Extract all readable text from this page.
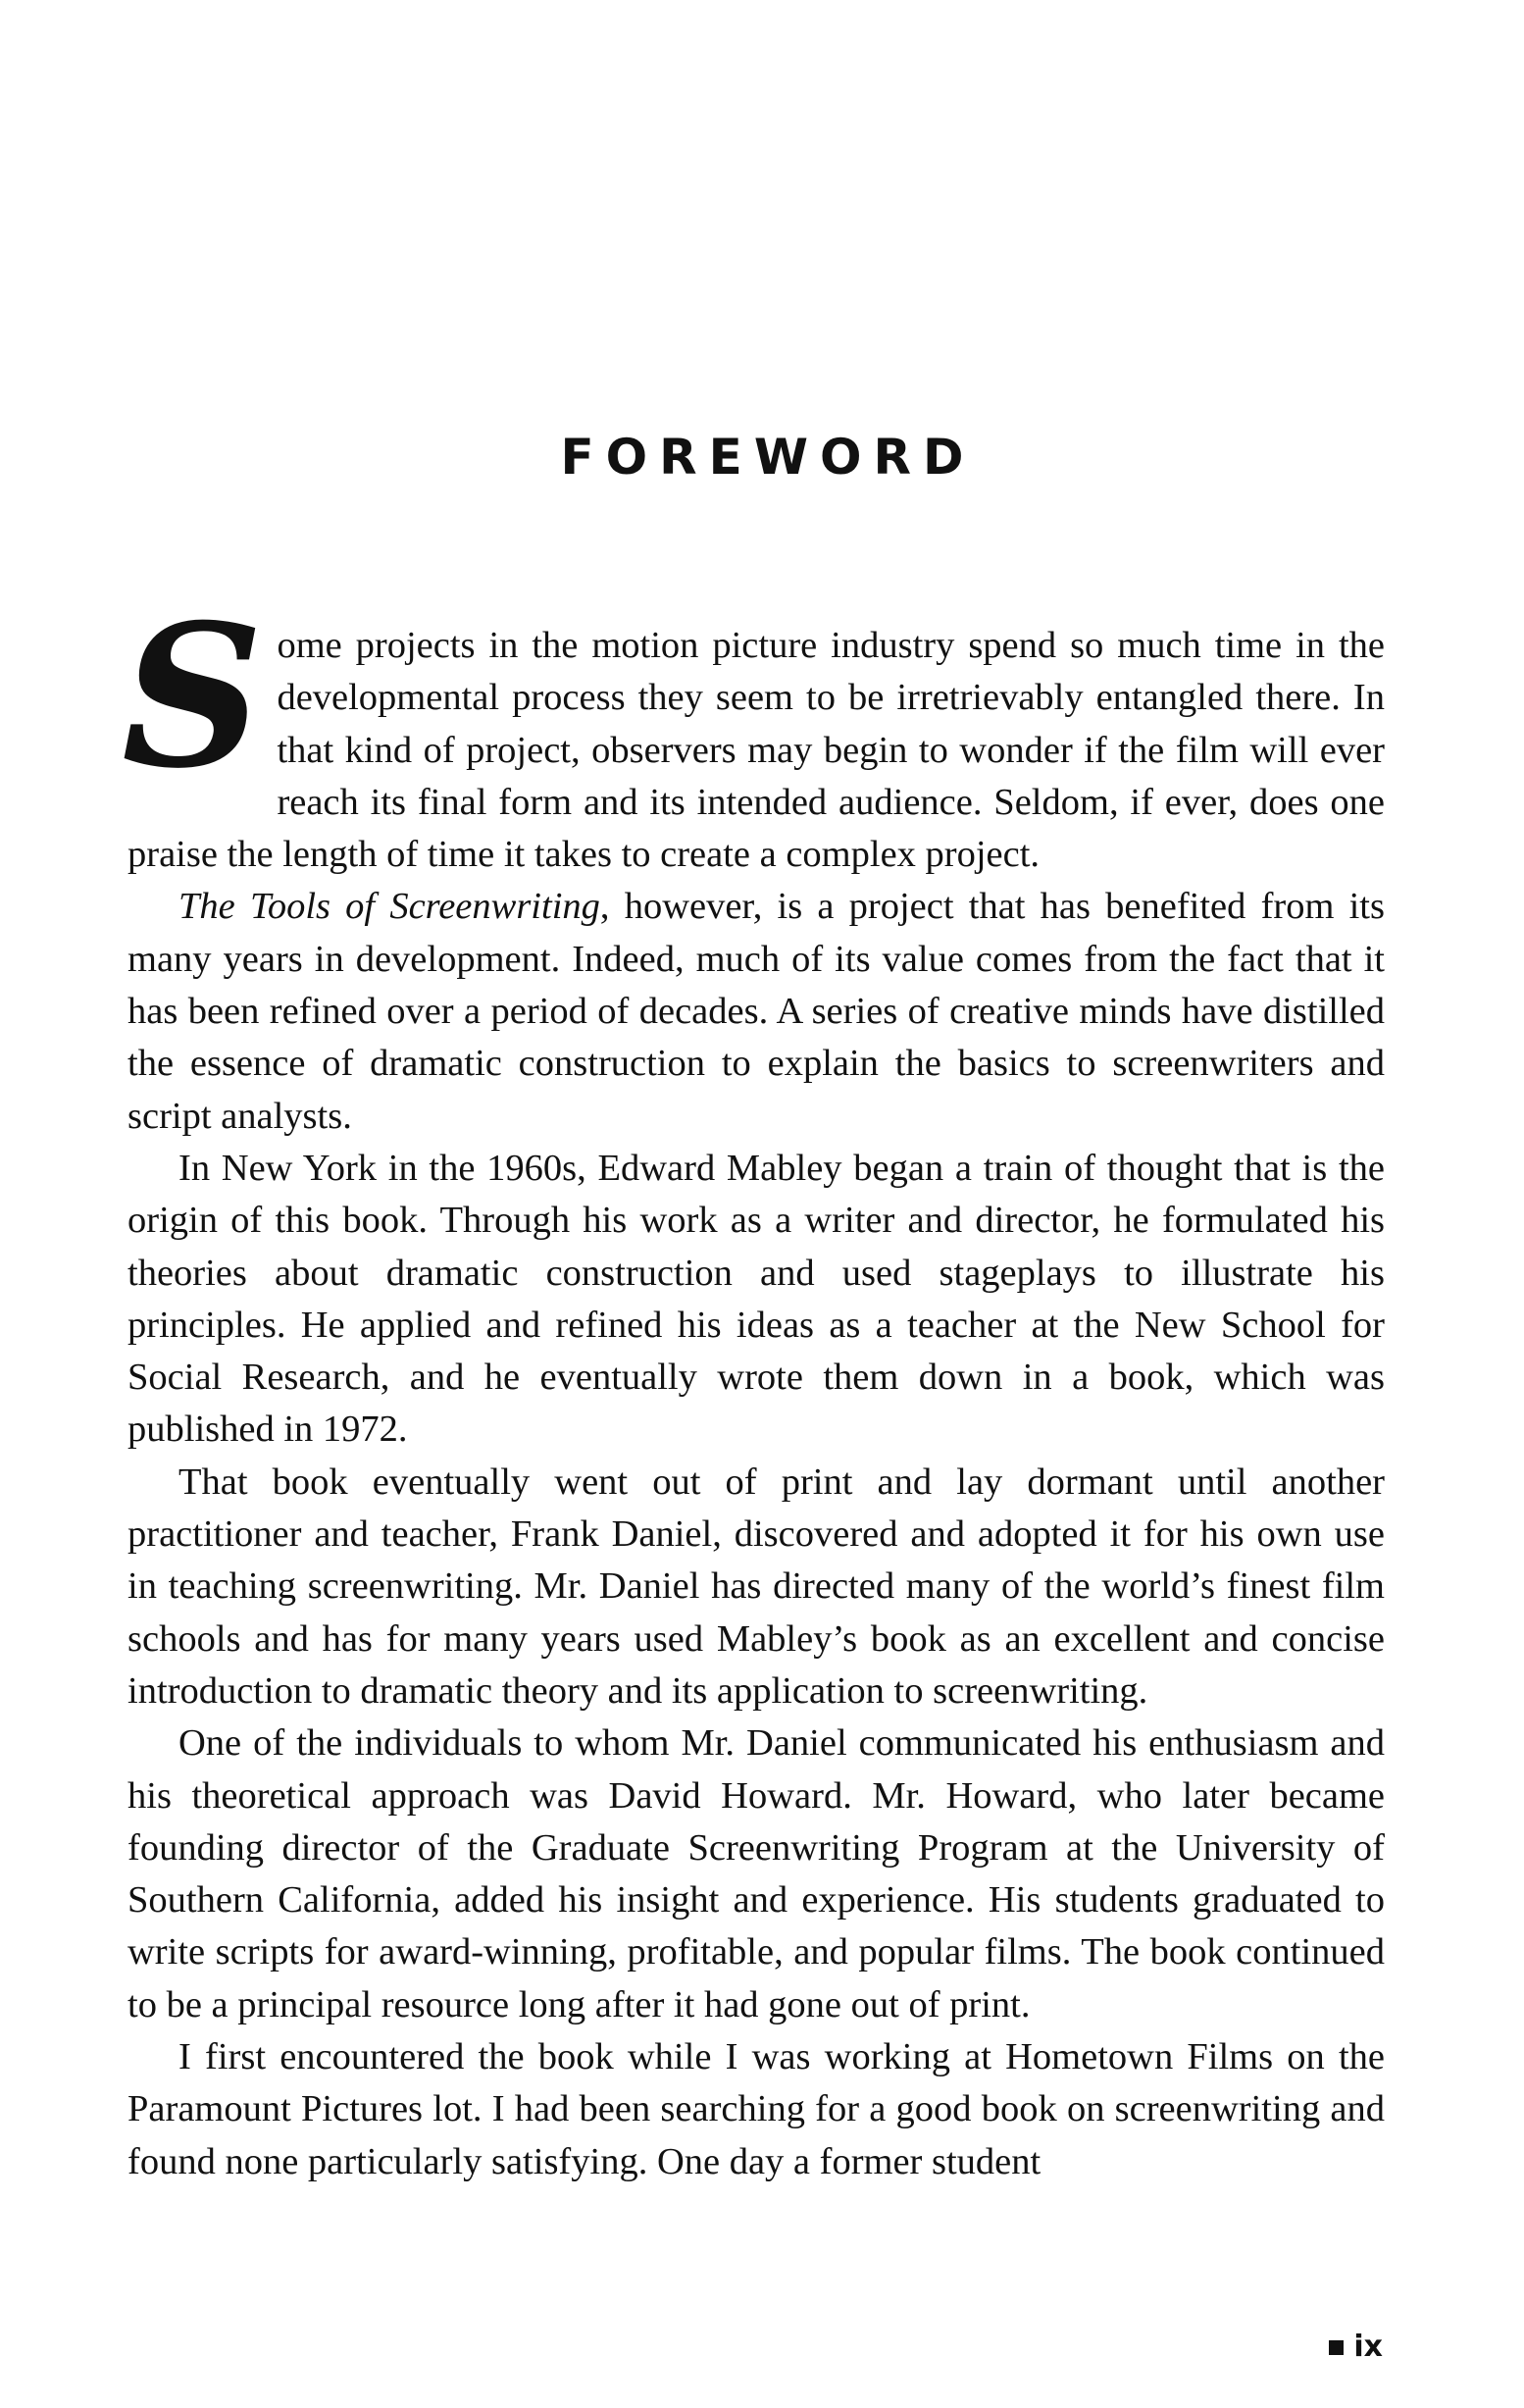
FOREWORD

Some projects in the motion picture industry spend so much time in the developmental process they seem to be irretrievably entangled there. In that kind of project, observers may begin to wonder if the film will ever reach its final form and its intended audience. Seldom, if ever, does one praise the length of time it takes to create a complex project.

The Tools of Screenwriting, however, is a project that has benefited from its many years in development. Indeed, much of its value comes from the fact that it has been refined over a period of decades. A series of creative minds have distilled the essence of dramatic construction to explain the basics to screenwriters and script analysts.

In New York in the 1960s, Edward Mabley began a train of thought that is the origin of this book. Through his work as a writer and director, he formulated his theories about dramatic construction and used stageplays to illustrate his principles. He applied and refined his ideas as a teacher at the New School for Social Research, and he eventually wrote them down in a book, which was published in 1972.

That book eventually went out of print and lay dormant until another practitioner and teacher, Frank Daniel, discovered and adopted it for his own use in teaching screenwriting. Mr. Daniel has directed many of the world’s finest film schools and has for many years used Mabley’s book as an excellent and concise introduction to dramatic theory and its application to screenwriting.

One of the individuals to whom Mr. Daniel communicated his enthusiasm and his theoretical approach was David Howard. Mr. Howard, who later became founding director of the Graduate Screenwriting Program at the University of Southern California, added his insight and experience. His students graduated to write scripts for award-winning, profitable, and popular films. The book continued to be a principal resource long after it had gone out of print.

I first encountered the book while I was working at Hometown Films on the Paramount Pictures lot. I had been searching for a good book on screenwriting and found none particularly satisfying. One day a former student

ix
